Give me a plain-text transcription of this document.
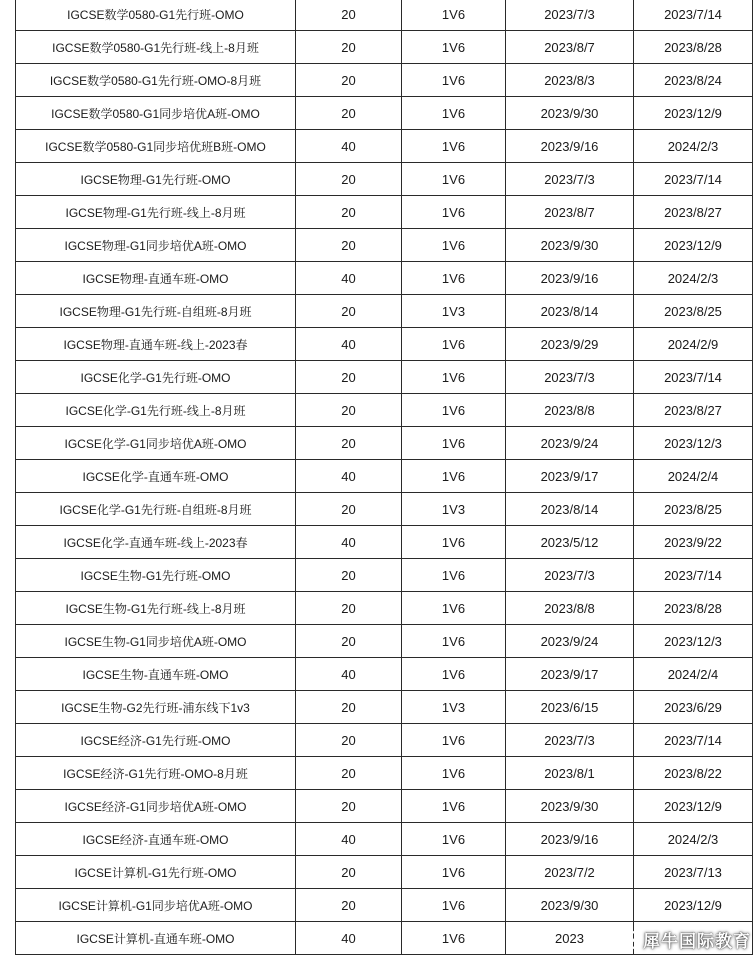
IGCSE数学0580-G1先行班-OMO	20	1V6	2023/7/3	2023/7/14
IGCSE数学0580-G1先行班-线上-8月班	20	1V6	2023/8/7	2023/8/28
IGCSE数学0580-G1先行班-OMO-8月班	20	1V6	2023/8/3	2023/8/24
IGCSE数学0580-G1同步培优A班-OMO	20	1V6	2023/9/30	2023/12/9
IGCSE数学0580-G1同步培优班B班-OMO	40	1V6	2023/9/16	2024/2/3
IGCSE物理-G1先行班-OMO	20	1V6	2023/7/3	2023/7/14
IGCSE物理-G1先行班-线上-8月班	20	1V6	2023/8/7	2023/8/27
IGCSE物理-G1同步培优A班-OMO	20	1V6	2023/9/30	2023/12/9
IGCSE物理-直通车班-OMO	40	1V6	2023/9/16	2024/2/3
IGCSE物理-G1先行班-自组班-8月班	20	1V3	2023/8/14	2023/8/25
IGCSE物理-直通车班-线上-2023春	40	1V6	2023/9/29	2024/2/9
IGCSE化学-G1先行班-OMO	20	1V6	2023/7/3	2023/7/14
IGCSE化学-G1先行班-线上-8月班	20	1V6	2023/8/8	2023/8/27
IGCSE化学-G1同步培优A班-OMO	20	1V6	2023/9/24	2023/12/3
IGCSE化学-直通车班-OMO	40	1V6	2023/9/17	2024/2/4
IGCSE化学-G1先行班-自组班-8月班	20	1V3	2023/8/14	2023/8/25
IGCSE化学-直通车班-线上-2023春	40	1V6	2023/5/12	2023/9/22
IGCSE生物-G1先行班-OMO	20	1V6	2023/7/3	2023/7/14
IGCSE生物-G1先行班-线上-8月班	20	1V6	2023/8/8	2023/8/28
IGCSE生物-G1同步培优A班-OMO	20	1V6	2023/9/24	2023/12/3
IGCSE生物-直通车班-OMO	40	1V6	2023/9/17	2024/2/4
IGCSE生物-G2先行班-浦东线下1v3	20	1V3	2023/6/15	2023/6/29
IGCSE经济-G1先行班-OMO	20	1V6	2023/7/3	2023/7/14
IGCSE经济-G1先行班-OMO-8月班	20	1V6	2023/8/1	2023/8/22
IGCSE经济-G1同步培优A班-OMO	20	1V6	2023/9/30	2023/12/9
IGCSE经济-直通车班-OMO	40	1V6	2023/9/16	2024/2/3
IGCSE计算机-G1先行班-OMO	20	1V6	2023/7/2	2023/7/13
IGCSE计算机-G1同步培优A班-OMO	20	1V6	2023/9/30	2023/12/9
IGCSE计算机-直通车班-OMO	40	1V6	2023		犀牛国际教育
